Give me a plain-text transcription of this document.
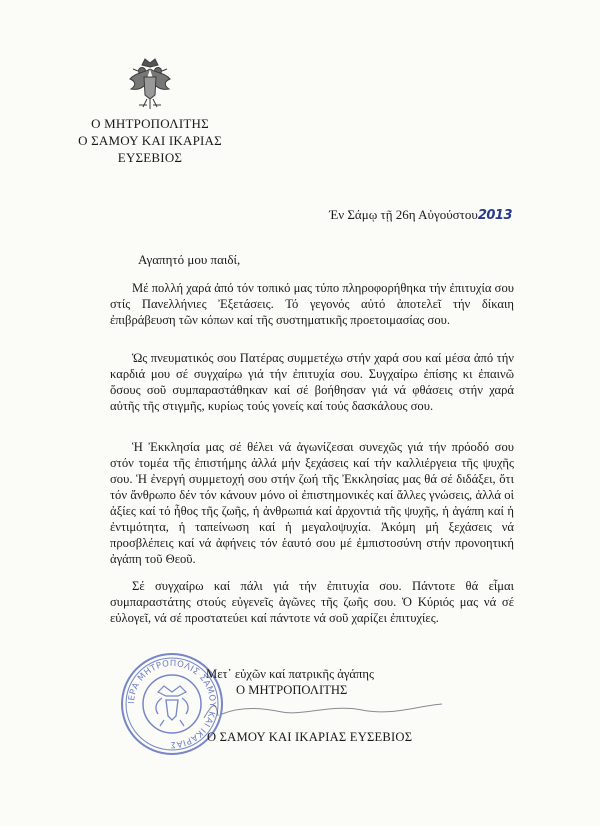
Ο ΜΗΤΡΟΠΟΛΙΤΗΣ
Ο ΣΑΜΟΥ ΚΑΙ ΙΚΑΡΙΑΣ
ΕΥΣΕΒΙΟΣ
Έν Σάμῳ τῇ 26η Αὐγούστου2013
Αγαπητό μου παιδί,

Μέ πολλή χαρά ἀπό τόν τοπικό μας τύπο πληροφορήθηκα τήν ἐπιτυχία σου στίς Πανελλήνιες Ἐξετάσεις. Τό γεγονός αὐτό ἀποτελεῖ τήν δίκαιη ἐπιβράβευση τῶν κόπων καί τῆς συστηματικῆς προετοιμασίας σου.

Ὡς πνευματικός σου Πατέρας συμμετέχω στήν χαρά σου καί μέσα ἀπό τήν καρδιά μου σέ συγχαίρω γιά τήν ἐπιτυχία σου. Συγχαίρω ἐπίσης κι ἐπαινῶ ὅσους σοῦ συμπαραστάθηκαν καί σέ βοήθησαν γιά νά φθάσεις στήν χαρά αὐτῆς τῆς στιγμῆς, κυρίως τούς γονείς καί τούς δασκάλους σου.

Ἡ Ἐκκλησία μας σέ θέλει νά ἀγωνίζεσαι συνεχῶς γιά τήν πρόοδό σου στόν τομέα τῆς ἐπιστήμης ἀλλά μήν ξεχάσεις καί τήν καλλιέργεια τῆς ψυχῆς σου. Ἡ ἐνεργή συμμετοχή σου στήν ζωή τῆς Ἐκκλησίας μας θά σέ διδάξει, ὅτι τόν ἄνθρωπο δέν τόν κάνουν μόνο οἱ ἐπιστημονικές καί ἄλλες γνώσεις, ἀλλά οἱ ἀξίες καί τό ἦθος τῆς ζωῆς, ἡ ἀνθρωπιά καί ἀρχοντιά τῆς ψυχῆς, ἡ ἀγάπη καί ἡ ἐντιμότητα, ἡ ταπείνωση καί ἡ μεγαλοψυχία. Ἀκόμη μή ξεχάσεις νά προσβλέπεις καί νά ἀφήνεις τόν ἑαυτό σου μέ ἐμπιστοσύνη στήν προνοητική ἀγάπη τοῦ Θεοῦ.

Σέ συγχαίρω καί πάλι γιά τήν ἐπιτυχία σου. Πάντοτε θά εἶμαι συμπαραστάτης στούς εὐγενεῖς ἀγῶνες τῆς ζωῆς σου. Ὁ Κύριός μας νά σέ εὐλογεῖ, νά σέ προστατεύει καί πάντοτε νά σοῦ χαρίζει ἐπιτυχίες.

ΙΕΡΑ ΜΗΤΡΟΠΟΛΙΣ ΣΑΜΟΥ ΚΑΙ ΙΚΑΡΙΑΣ
Μετ᾽ εὐχῶν καί πατρικῆς ἀγάπης
Ο ΜΗΤΡΟΠΟΛΙΤΗΣ
Ο ΣΑΜΟΥ ΚΑΙ ΙΚΑΡΙΑΣ ΕΥΣΕΒΙΟΣ
